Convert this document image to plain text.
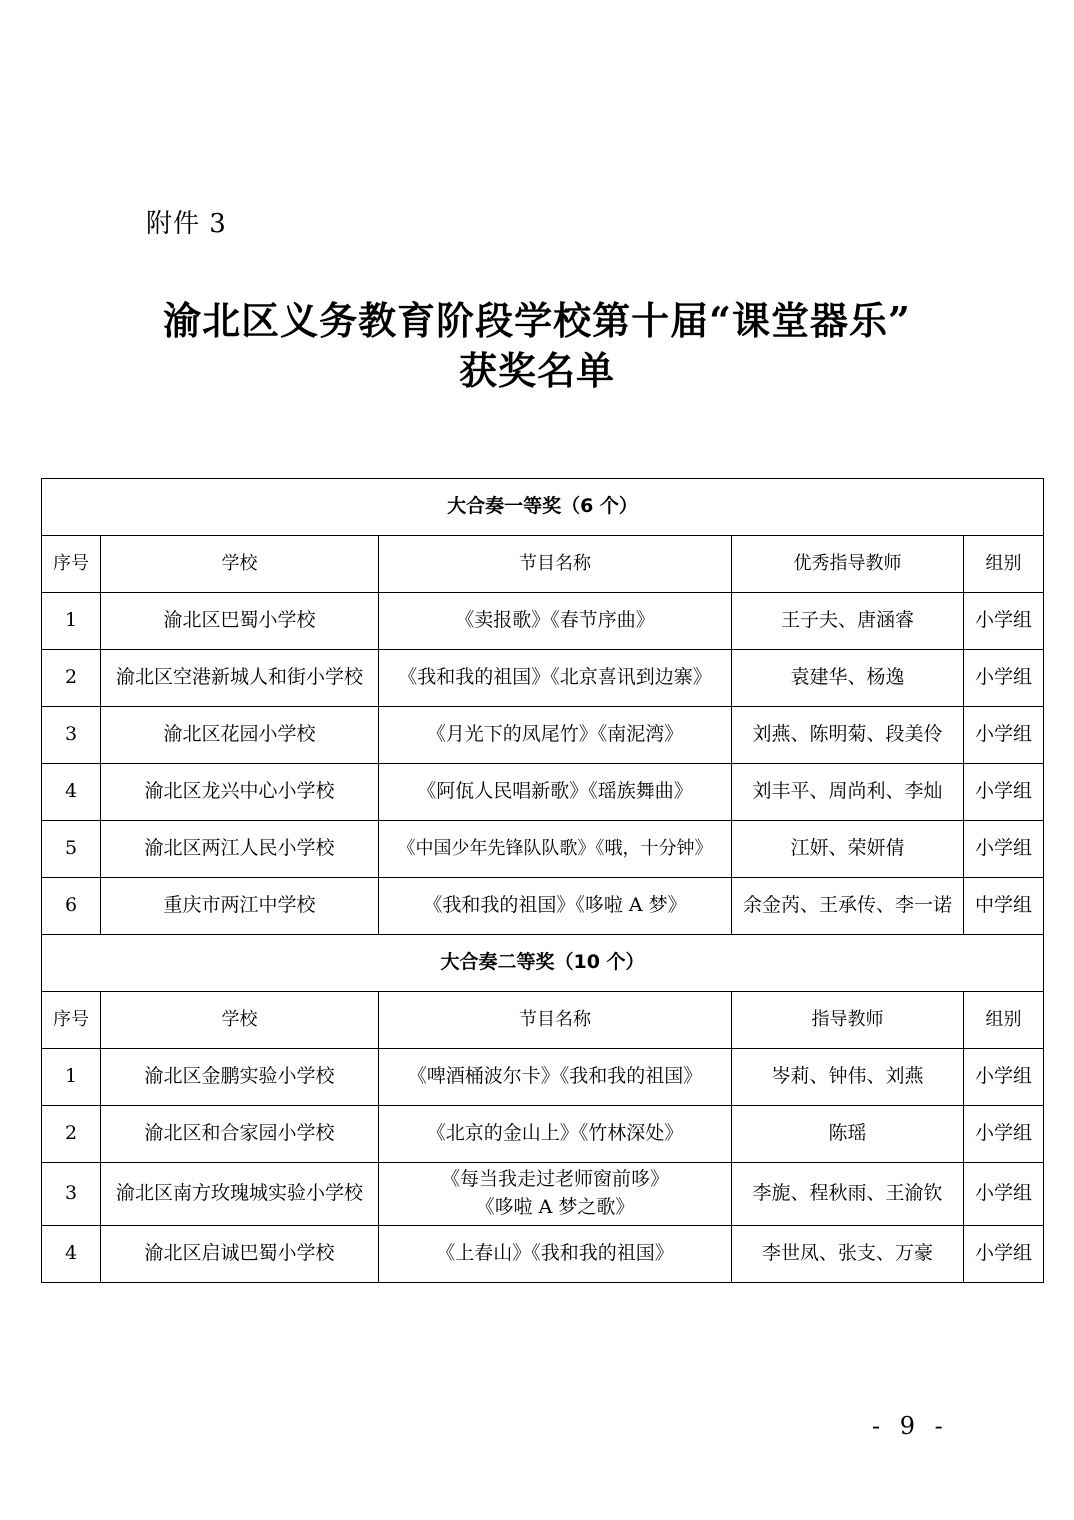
附件 3
渝北区义务教育阶段学校第十届“课堂器乐”
获奖名单
大合奏一等奖（6 个）				
序号	学校	节目名称	优秀指导教师	组别
1	渝北区巴蜀小学校	《卖报歌》《春节序曲》	王子夫、唐涵睿	小学组
2	渝北区空港新城人和街小学校	《我和我的祖国》《北京喜讯到边寨》	袁建华、杨逸	小学组
3	渝北区花园小学校	《月光下的凤尾竹》《南泥湾》	刘燕、陈明菊、段美伶	小学组
4	渝北区龙兴中心小学校	《阿佤人民唱新歌》《瑶族舞曲》	刘丰平、周尚利、李灿	小学组
5	渝北区两江人民小学校	《中国少年先锋队队歌》《哦，十分钟》	江妍、荣妍倩	小学组
6	重庆市两江中学校	《我和我的祖国》《哆啦 A 梦》	余金芮、王承传、李一诺	中学组
大合奏二等奖（10 个）				
序号	学校	节目名称	指导教师	组别
1	渝北区金鹏实验小学校	《啤酒桶波尔卡》《我和我的祖国》	岑莉、钟伟、刘燕	小学组
2	渝北区和合家园小学校	《北京的金山上》《竹林深处》	陈瑶	小学组
3	渝北区南方玫瑰城实验小学校	《每当我走过老师窗前哆》
《哆啦 A 梦之歌》	李旎、程秋雨、王渝钦	小学组
4	渝北区启诚巴蜀小学校	《上春山》《我和我的祖国》	李世凤、张支、万豪	小学组
- 9 -
